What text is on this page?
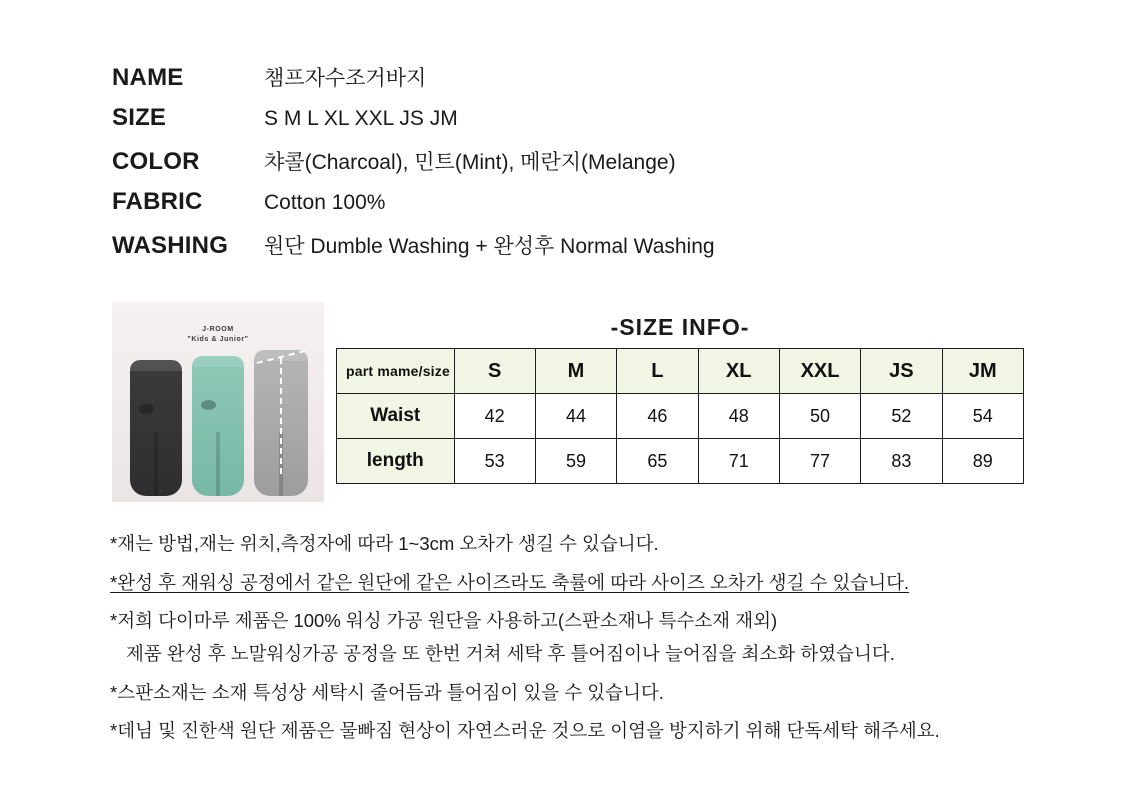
NAME	챔프자수조거바지
SIZE	S M L XL XXL JS JM
COLOR	챠콜(Charcoal), 민트(Mint), 메란지(Melange)
FABRIC	Cotton 100%
WASHING	원단 Dumble Washing + 완성후 Normal Washing
J-ROOM
"Kids & Junior"	-SIZE INFO-
part mame/size	S	M	L	XL	XXL	JS	JM
Waist	42	44	46	48	50	52	54
length	53	59	65	71	77	83	89
*재는 방법,재는 위치,측정자에 따라 1~3cm 오차가 생길 수 있습니다.
*완성 후 재워싱 공정에서 같은 원단에 같은 사이즈라도 축률에 따라 사이즈 오차가 생길 수 있습니다.
*저희 다이마루 제품은 100% 워싱 가공 원단을 사용하고(스판소재나 특수소재 재외)
제품 완성 후 노말워싱가공 공정을 또 한번 거쳐 세탁 후 틀어짐이나 늘어짐을 최소화 하였습니다.
*스판소재는 소재 특성상 세탁시 줄어듬과 틀어짐이 있을 수 있습니다.
*데님 및 진한색 원단 제품은 물빠짐 현상이 자연스러운 것으로 이염을 방지하기 위해 단독세탁 해주세요.
